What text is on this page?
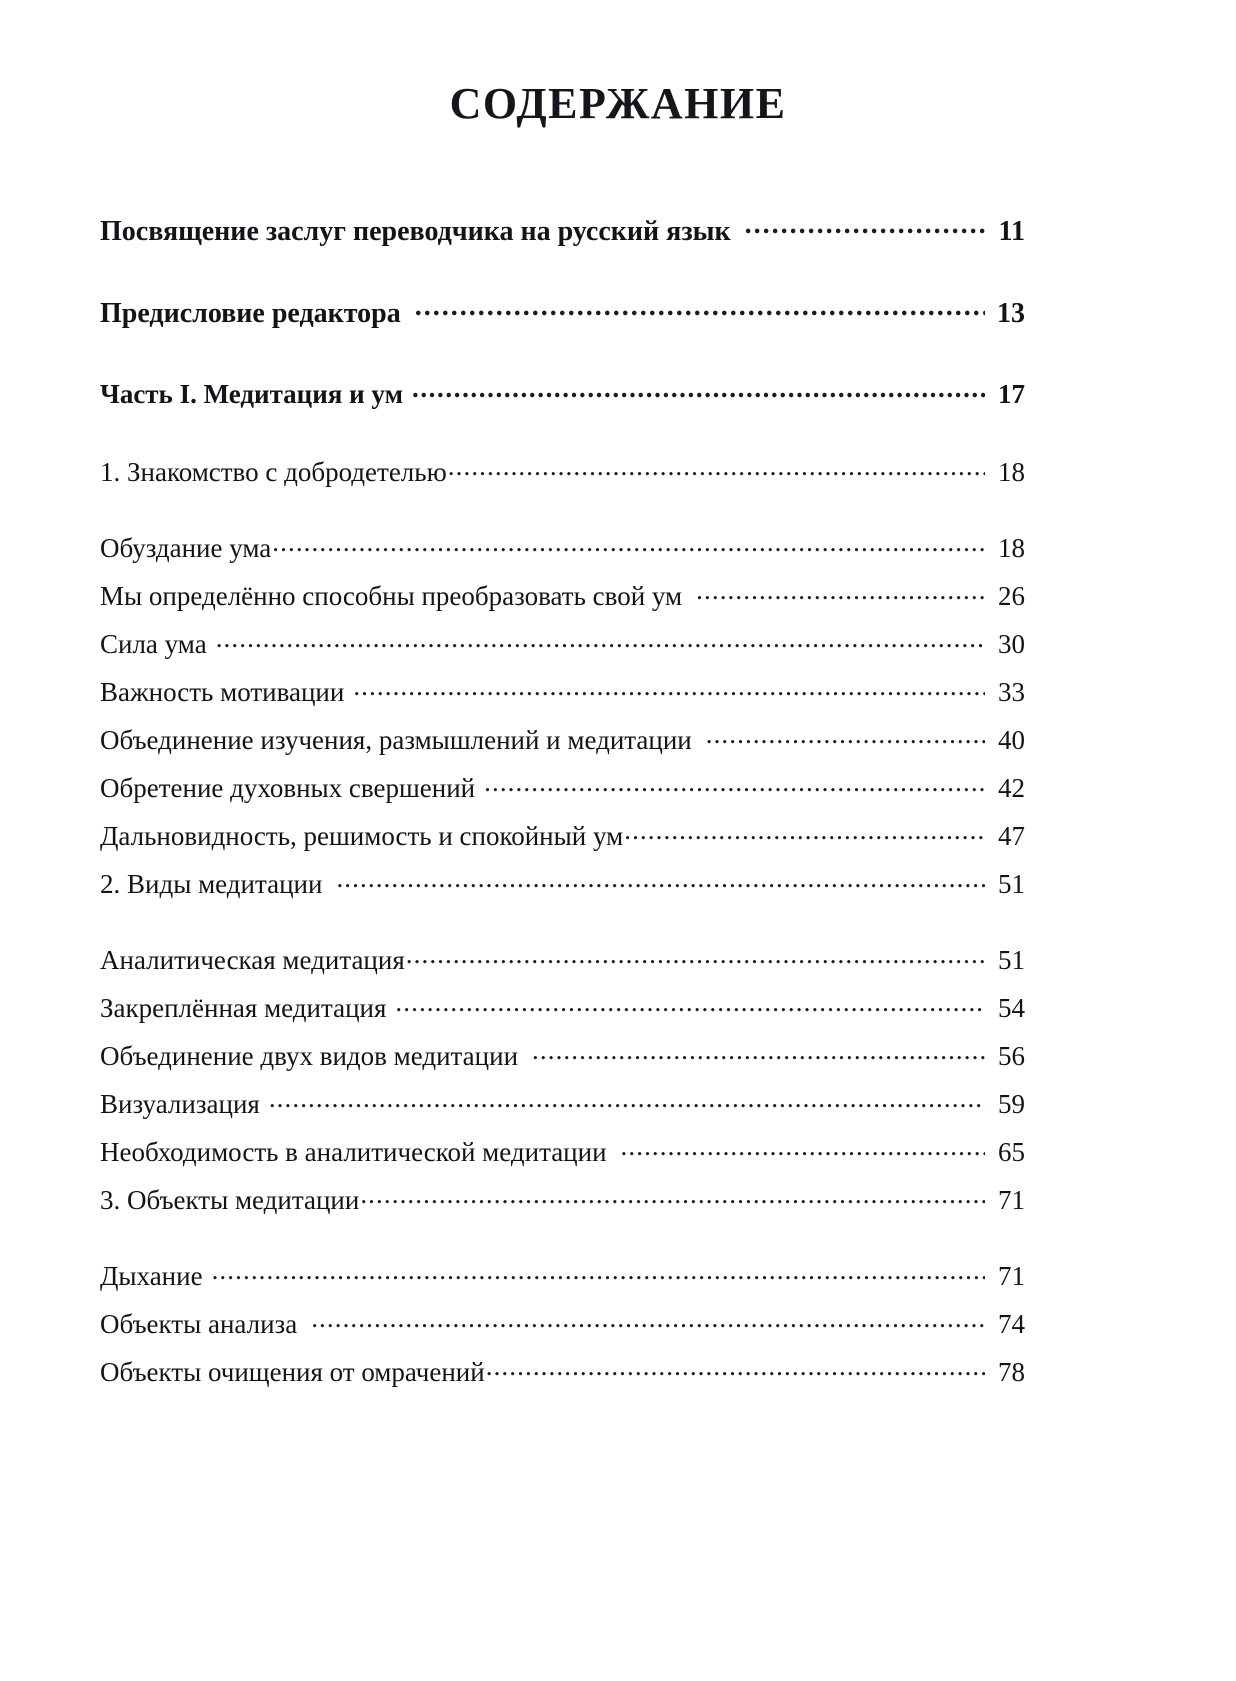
СОДЕРЖАНИЕ
Посвящение заслуг переводчика на русский язык .....	11
Предисловие редактора .....	13
Часть I. Медитация и ум .....	17
1. Знакомство с добродетелью .....	18
Обуздание ума .....	18
Мы определённо способны преобразовать свой ум .....	26
Сила ума .....	30
Важность мотивации .....	33
Объединение изучения, размышлений и медитации .....	40
Обретение духовных свершений .....	42
Дальновидность, решимость и спокойный ум .....	47
2. Виды медитации .....	51
Аналитическая медитация .....	51
Закреплённая медитация .....	54
Объединение двух видов медитации .....	56
Визуализация .....	59
Необходимость в аналитической медитации .....	65
3. Объекты медитации .....	71
Дыхание .....	71
Объекты анализа .....	74
Объекты очищения от омрачений .....	78
